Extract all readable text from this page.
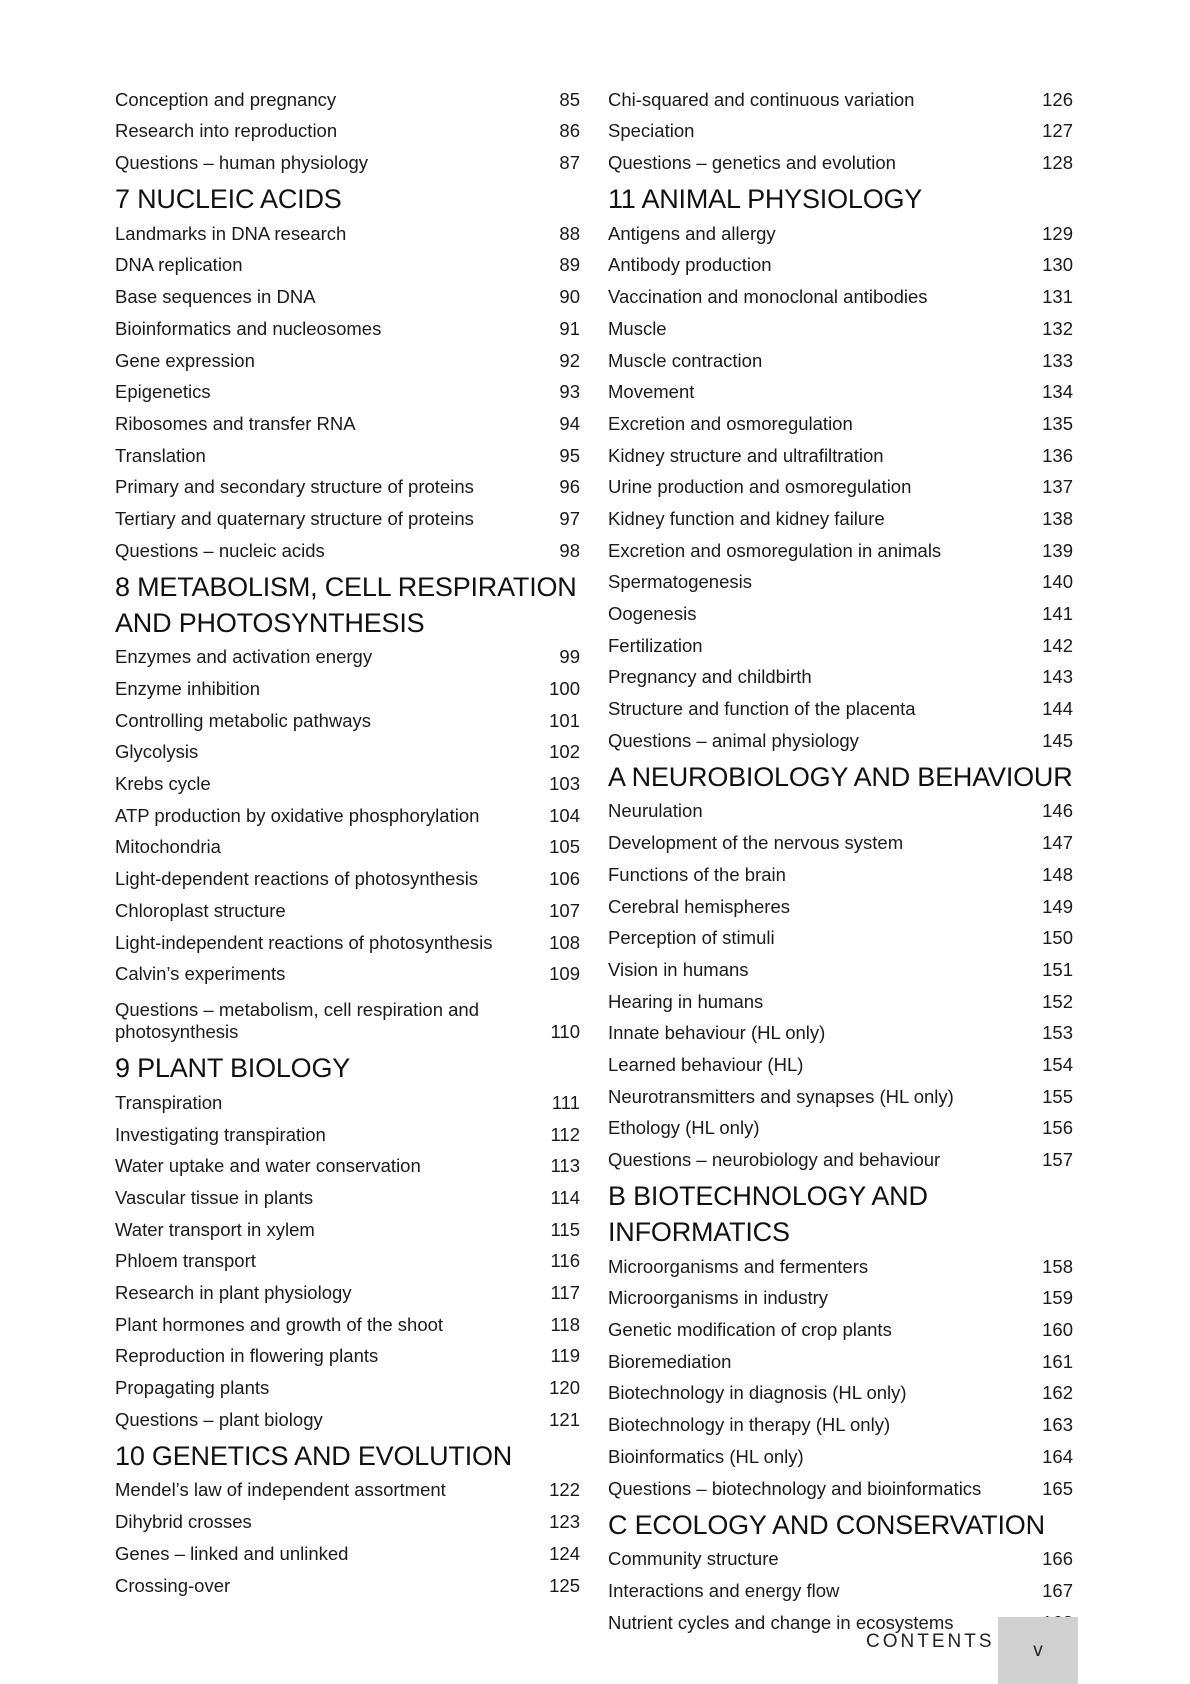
Conception and pregnancy	85
Research into reproduction	86
Questions – human physiology	87
7 NUCLEIC ACIDS
Landmarks in DNA research	88
DNA replication	89
Base sequences in DNA	90
Bioinformatics and nucleosomes	91
Gene expression	92
Epigenetics	93
Ribosomes and transfer RNA	94
Translation	95
Primary and secondary structure of proteins	96
Tertiary and quaternary structure of proteins	97
Questions – nucleic acids	98
8 METABOLISM, CELL RESPIRATION AND PHOTOSYNTHESIS
Enzymes and activation energy	99
Enzyme inhibition	100
Controlling metabolic pathways	101
Glycolysis	102
Krebs cycle	103
ATP production by oxidative phosphorylation	104
Mitochondria	105
Light-dependent reactions of photosynthesis	106
Chloroplast structure	107
Light-independent reactions of photosynthesis	108
Calvin’s experiments	109
Questions – metabolism, cell respiration and photosynthesis	110
9 PLANT BIOLOGY
Transpiration	111
Investigating transpiration	112
Water uptake and water conservation	113
Vascular tissue in plants	114
Water transport in xylem	115
Phloem transport	116
Research in plant physiology	117
Plant hormones and growth of the shoot	118
Reproduction in flowering plants	119
Propagating plants	120
Questions – plant biology	121
10 GENETICS AND EVOLUTION
Mendel’s law of independent assortment	122
Dihybrid crosses	123
Genes – linked and unlinked	124
Crossing-over	125
Chi-squared and continuous variation	126
Speciation	127
Questions – genetics and evolution	128
11 ANIMAL PHYSIOLOGY
Antigens and allergy	129
Antibody production	130
Vaccination and monoclonal antibodies	131
Muscle	132
Muscle contraction	133
Movement	134
Excretion and osmoregulation	135
Kidney structure and ultrafiltration	136
Urine production and osmoregulation	137
Kidney function and kidney failure	138
Excretion and osmoregulation in animals	139
Spermatogenesis	140
Oogenesis	141
Fertilization	142
Pregnancy and childbirth	143
Structure and function of the placenta	144
Questions – animal physiology	145
A NEUROBIOLOGY AND BEHAVIOUR
Neurulation	146
Development of the nervous system	147
Functions of the brain	148
Cerebral hemispheres	149
Perception of stimuli	150
Vision in humans	151
Hearing in humans	152
Innate behaviour (HL only)	153
Learned behaviour (HL)	154
Neurotransmitters and synapses (HL only)	155
Ethology (HL only)	156
Questions – neurobiology and behaviour	157
B BIOTECHNOLOGY AND INFORMATICS
Microorganisms and fermenters	158
Microorganisms in industry	159
Genetic modification of crop plants	160
Bioremediation	161
Biotechnology in diagnosis (HL only)	162
Biotechnology in therapy (HL only)	163
Bioinformatics (HL only)	164
Questions – biotechnology and bioinformatics	165
C ECOLOGY AND CONSERVATION
Community structure	166
Interactions and energy flow	167
Nutrient cycles and change in ecosystems
CONTENTS	v
